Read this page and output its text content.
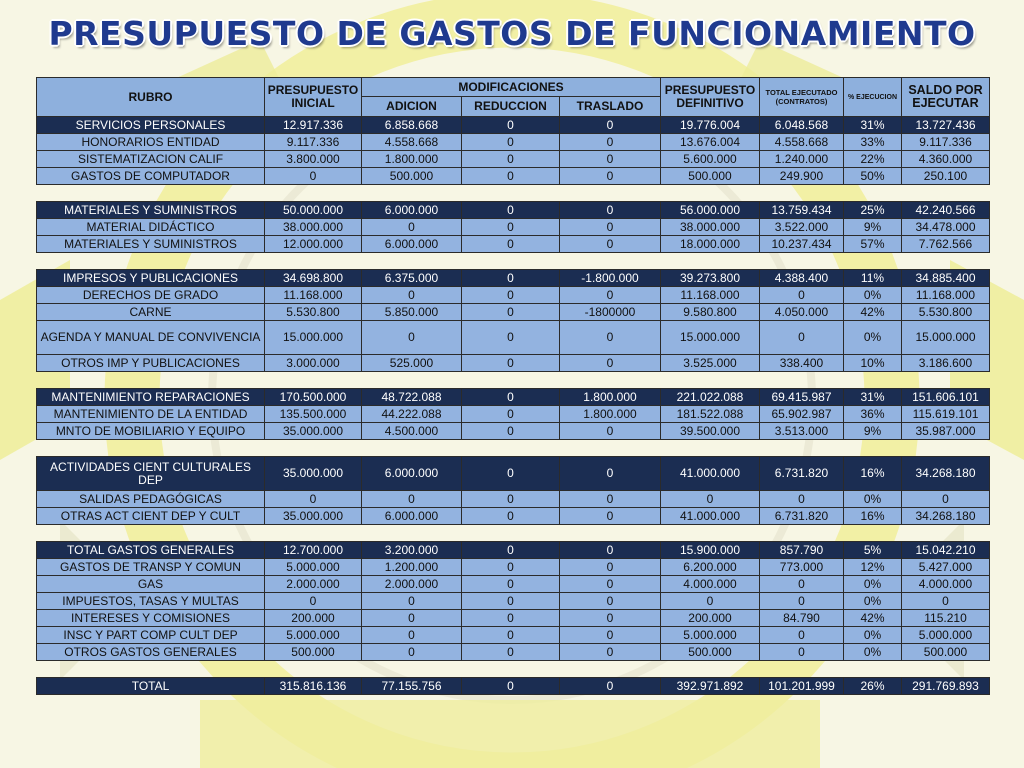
PRESUPUESTO DE GASTOS DE FUNCIONAMIENTO
RUBRO	PRESUPUESTO INICIAL	MODIFICACIONES			PRESUPUESTO DEFINITIVO	TOTAL EJECUTADO (CONTRATOS)	% EJECUCION	SALDO POR EJECUTAR
		ADICION	REDUCCION	TRASLADO				
SERVICIOS PERSONALES	12.917.336	6.858.668	0	0	19.776.004	6.048.568	31%	13.727.436
HONORARIOS ENTIDAD	9.117.336	4.558.668	0	0	13.676.004	4.558.668	33%	9.117.336
SISTEMATIZACION CALIF	3.800.000	1.800.000	0	0	5.600.000	1.240.000	22%	4.360.000
GASTOS DE COMPUTADOR	0	500.000	0	0	500.000	249.900	50%	250.100

MATERIALES Y SUMINISTROS	50.000.000	6.000.000	0	0	56.000.000	13.759.434	25%	42.240.566
MATERIAL DIDÁCTICO	38.000.000	0	0	0	38.000.000	3.522.000	9%	34.478.000
MATERIALES Y SUMINISTROS	12.000.000	6.000.000	0	0	18.000.000	10.237.434	57%	7.762.566

IMPRESOS Y PUBLICACIONES	34.698.800	6.375.000	0	-1.800.000	39.273.800	4.388.400	11%	34.885.400
DERECHOS DE GRADO	11.168.000	0	0	0	11.168.000	0	0%	11.168.000
CARNE	5.530.800	5.850.000	0	-1800000	9.580.800	4.050.000	42%	5.530.800
AGENDA Y MANUAL DE CONVIVENCIA	15.000.000	0	0	0	15.000.000	0	0%	15.000.000
OTROS IMP Y PUBLICACIONES	3.000.000	525.000	0	0	3.525.000	338.400	10%	3.186.600

MANTENIMIENTO REPARACIONES	170.500.000	48.722.088	0	1.800.000	221.022.088	69.415.987	31%	151.606.101
MANTENIMIENTO DE LA ENTIDAD	135.500.000	44.222.088	0	1.800.000	181.522.088	65.902.987	36%	115.619.101
MNTO DE MOBILIARIO Y EQUIPO	35.000.000	4.500.000	0	0	39.500.000	3.513.000	9%	35.987.000

ACTIVIDADES CIENT CULTURALES DEP	35.000.000	6.000.000	0	0	41.000.000	6.731.820	16%	34.268.180
SALIDAS PEDAGÓGICAS	0	0	0	0	0	0	0%	0
OTRAS ACT CIENT DEP Y CULT	35.000.000	6.000.000	0	0	41.000.000	6.731.820	16%	34.268.180

TOTAL GASTOS GENERALES	12.700.000	3.200.000	0	0	15.900.000	857.790	5%	15.042.210
GASTOS DE TRANSP Y COMUN	5.000.000	1.200.000	0	0	6.200.000	773.000	12%	5.427.000
GAS	2.000.000	2.000.000	0	0	4.000.000	0	0%	4.000.000
IMPUESTOS, TASAS Y MULTAS	0	0	0	0	0	0	0%	0
INTERESES Y COMISIONES	200.000	0	0	0	200.000	84.790	42%	115.210
INSC Y PART COMP CULT DEP	5.000.000	0	0	0	5.000.000	0	0%	5.000.000
OTROS GASTOS GENERALES	500.000	0	0	0	500.000	0	0%	500.000

TOTAL	315.816.136	77.155.756	0	0	392.971.892	101.201.999	26%	291.769.893
